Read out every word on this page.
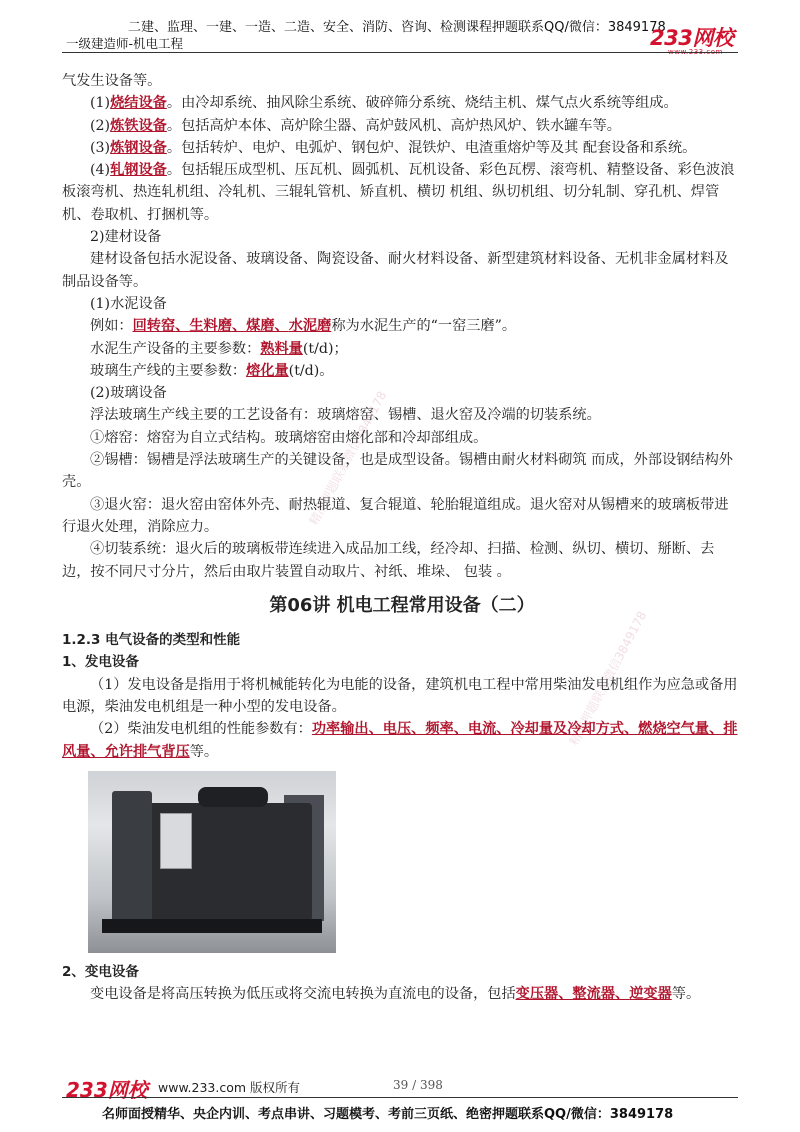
二建、监理、一建、一造、二造、安全、消防、咨询、检测课程押题联系QQ/微信：3849178
一级建造师-机电工程	233网校
www.233.com
精准押题联系微信3849178
精准押题联系微信3849178

气发生设备等。

(1)烧结设备。由冷却系统、抽风除尘系统、破碎筛分系统、烧结主机、煤气点火系统等组成。

(2)炼铁设备。包括高炉本体、高炉除尘器、高炉鼓风机、高炉热风炉、铁水罐车等。

(3)炼钢设备。包括转炉、电炉、电弧炉、钢包炉、混铁炉、电渣重熔炉等及其 配套设备和系统。

(4)轧钢设备。包括辊压成型机、压瓦机、圆弧机、瓦机设备、彩色瓦楞、滚弯机、精整设备、彩色波浪板滚弯机、热连轧机组、冷轧机、三辊轧管机、矫直机、横切 机组、纵切机组、切分轧制、穿孔机、焊管机、卷取机、打捆机等。

2)建材设备

建材设备包括水泥设备、玻璃设备、陶瓷设备、耐火材料设备、新型建筑材料设备、无机非金属材料及制品设备等。

(1)水泥设备

例如：回转窑、生料磨、煤磨、水泥磨称为水泥生产的“一窑三磨”。

水泥生产设备的主要参数：熟料量(t/d)；

玻璃生产线的主要参数：熔化量(t/d)。

(2)玻璃设备

浮法玻璃生产线主要的工艺设备有：玻璃熔窑、锡槽、退火窑及冷端的切装系统。

①熔窑：熔窑为自立式结构。玻璃熔窑由熔化部和冷却部组成。

②锡槽：锡槽是浮法玻璃生产的关键设备，也是成型设备。锡槽由耐火材料砌筑 而成，外部设钢结构外壳。

③退火窑：退火窑由窑体外壳、耐热辊道、复合辊道、轮胎辊道组成。退火窑对从锡槽来的玻璃板带进行退火处理，消除应力。

④切装系统：退火后的玻璃板带连续进入成品加工线，经冷却、扫描、检测、纵切、横切、掰断、去边，按不同尺寸分片，然后由取片装置自动取片、衬纸、堆垛、 包装 。

第06讲 机电工程常用设备（二）

1.2.3 电气设备的类型和性能

1、发电设备

（1）发电设备是指用于将机械能转化为电能的设备，建筑机电工程中常用柴油发电机组作为应急或备用电源，柴油发电机组是一种小型的发电设备。

（2）柴油发电机组的性能参数有：功率输出、电压、频率、电流、冷却量及冷却方式、燃烧空气量、排风量、允许排气背压等。

2、变电设备

变电设备是将高压转换为低压或将交流电转换为直流电的设备，包括变压器、整流器、逆变器等。

233网校 www.233.com 版权所有	39 / 398
名师面授精华、央企内训、考点串讲、习题模考、考前三页纸、绝密押题联系QQ/微信：3849178
